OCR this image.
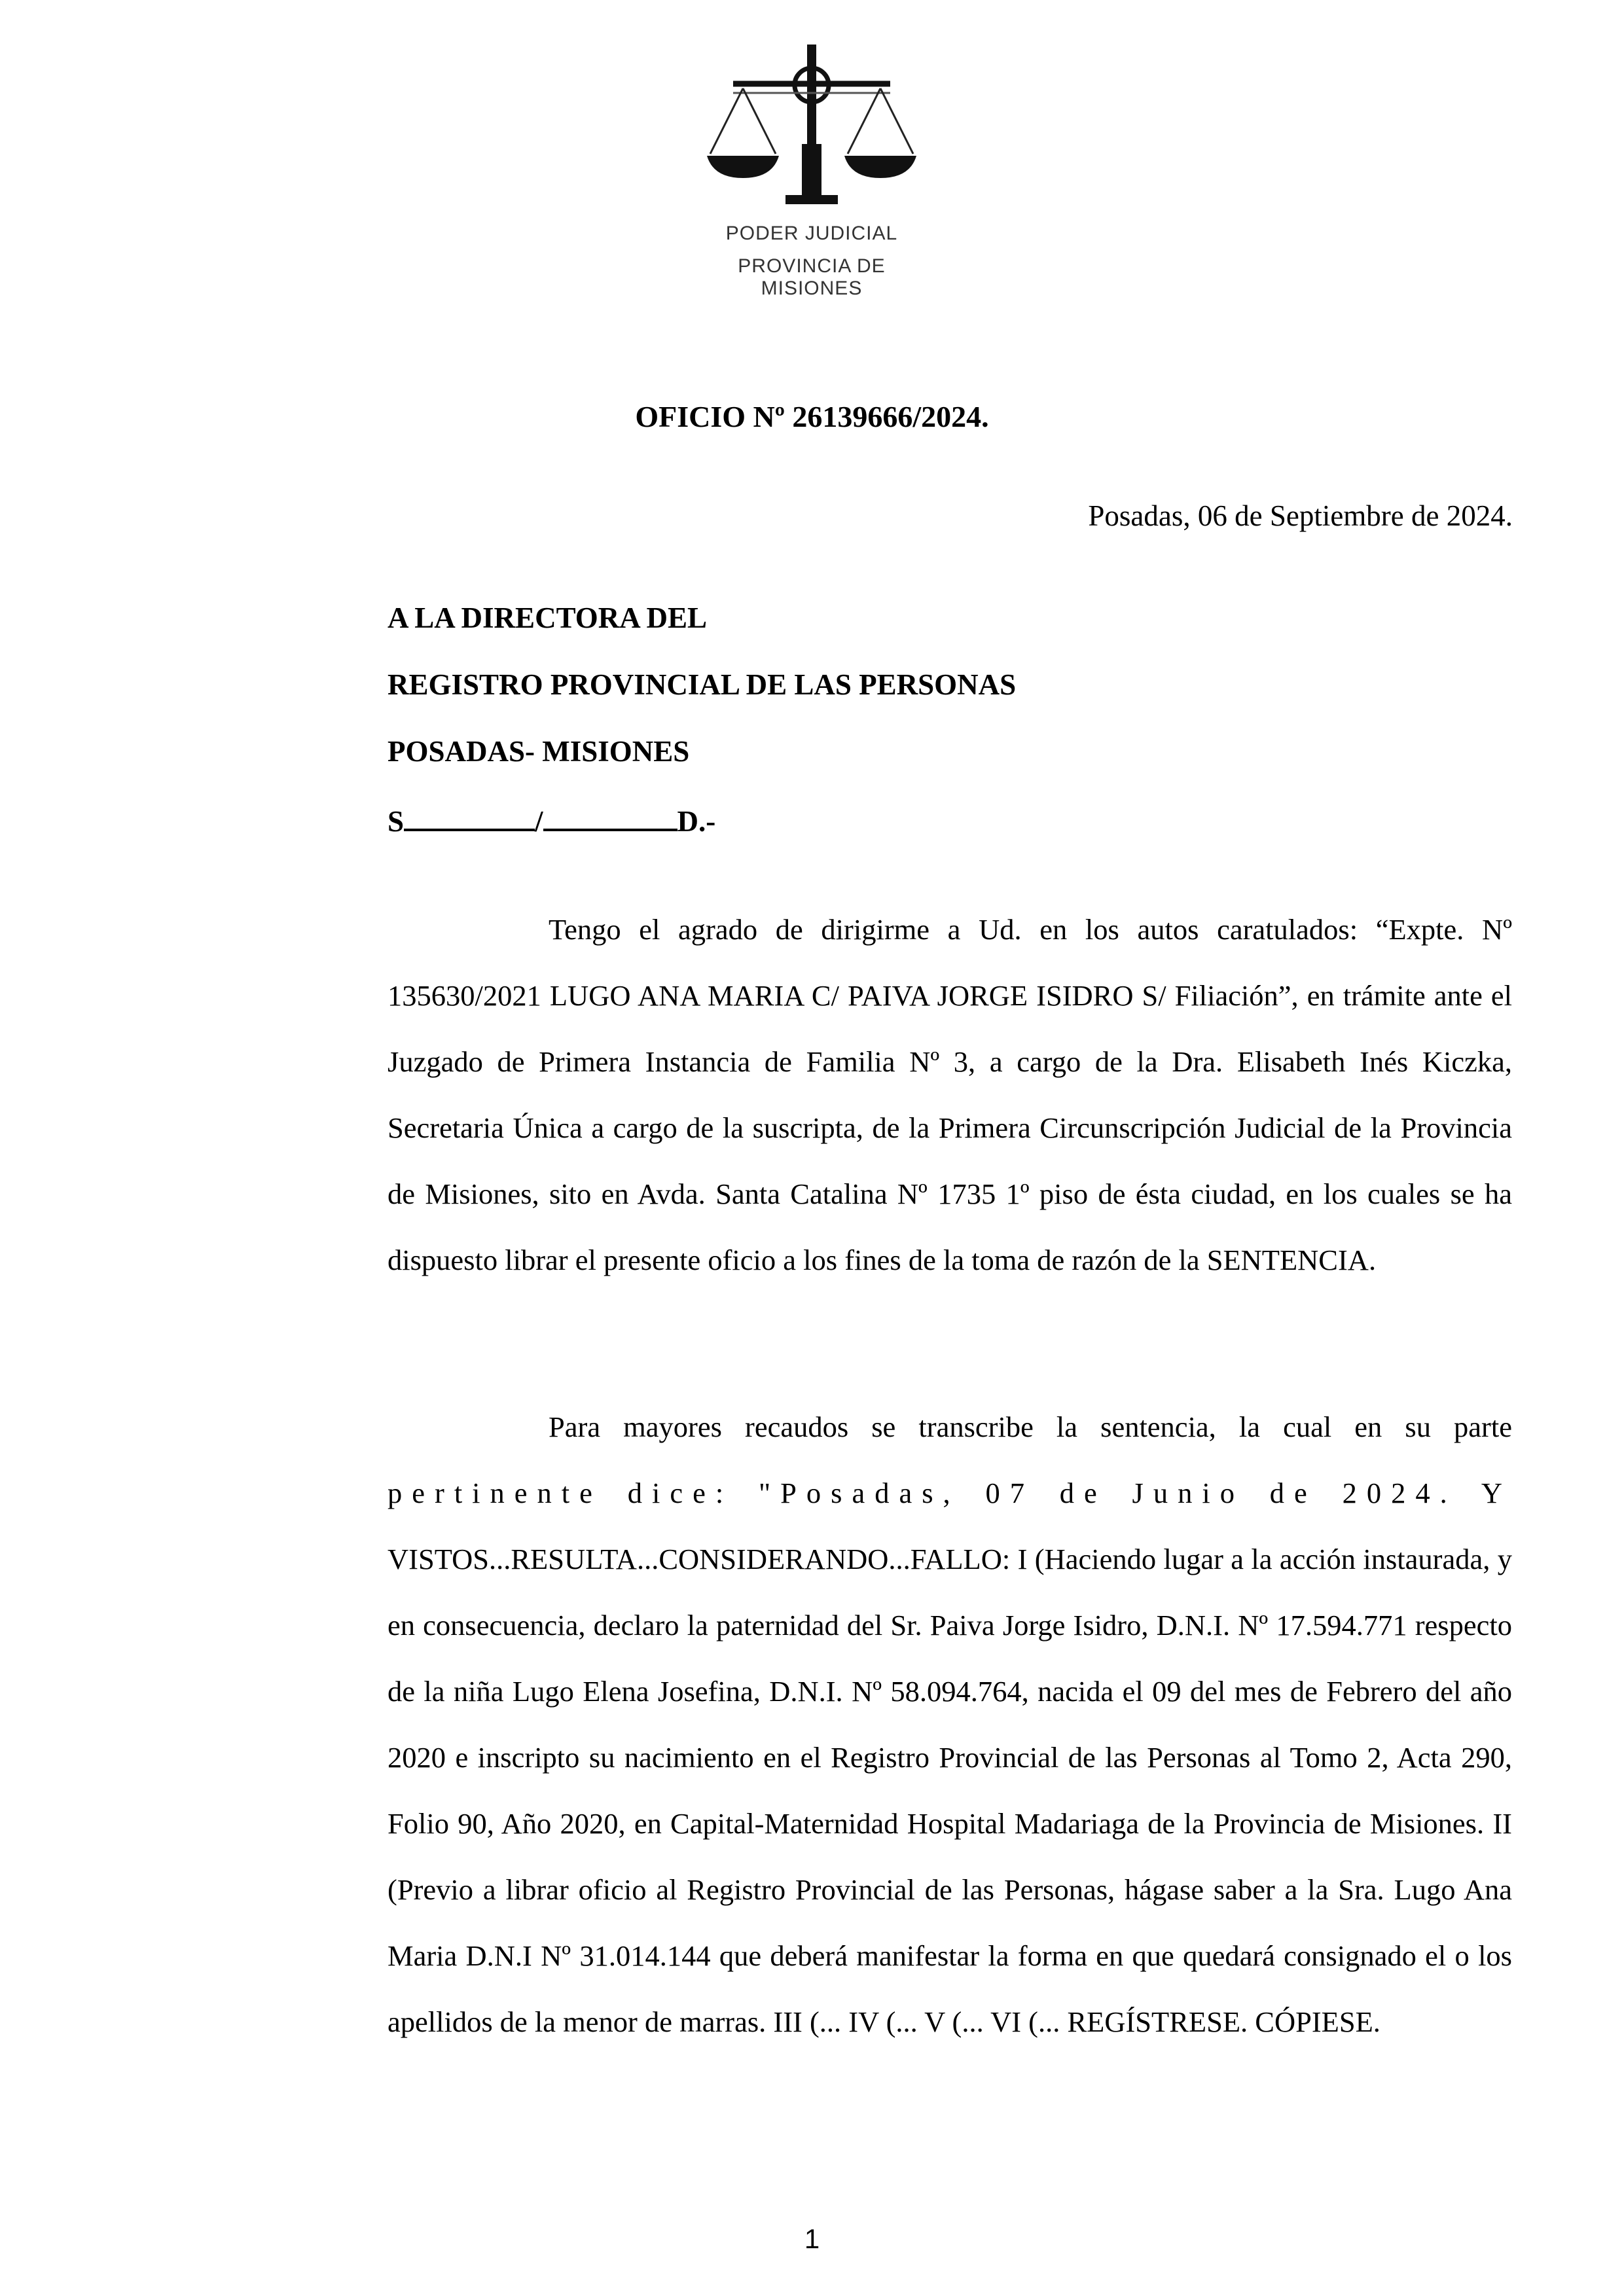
PODER JUDICIAL
PROVINCIA DE MISIONES
OFICIO Nº 26139666/2024.
Posadas, 06 de Septiembre de 2024.
A LA DIRECTORA DEL
REGISTRO PROVINCIAL DE LAS PERSONAS
POSADAS- MISIONES
S	/	D.-

Tengo el agrado de dirigirme a Ud. en los autos caratulados: “Expte. Nº 135630/2021 LUGO ANA MARIA C/ PAIVA JORGE ISIDRO S/ Filiación”, en trámite ante el Juzgado de Primera Instancia de Familia Nº 3, a cargo de la Dra. Elisabeth Inés Kiczka, Secretaria Única a cargo de la suscripta, de la Primera Circunscripción Judicial de la Provincia de Misiones, sito en Avda. Santa Catalina Nº 1735 1º piso de ésta ciudad, en los cuales se ha dispuesto librar el presente oficio a los fines de la toma de razón de la SENTENCIA.

Para mayores recaudos se transcribe la sentencia, la cual en su parte pertinente dice: "Posadas, 07 de Junio de 2024. Y VISTOS...RESULTA...CONSIDERANDO...FALLO: I (Haciendo lugar a la acción instaurada, y en consecuencia, declaro la paternidad del Sr. Paiva Jorge Isidro, D.N.I. Nº 17.594.771 respecto de la niña Lugo Elena Josefina, D.N.I. Nº 58.094.764, nacida el 09 del mes de Febrero del año 2020 e inscripto su nacimiento en el Registro Provincial de las Personas al Tomo 2, Acta 290, Folio 90, Año 2020, en Capital-Maternidad Hospital Madariaga de la Provincia de Misiones. II (Previo a librar oficio al Registro Provincial de las Personas, hágase saber a la Sra. Lugo Ana Maria D.N.I Nº 31.014.144 que deberá manifestar la forma en que quedará consignado el o los apellidos de la menor de marras. III (... IV (... V (... VI (... REGÍSTRESE. CÓPIESE.

1
